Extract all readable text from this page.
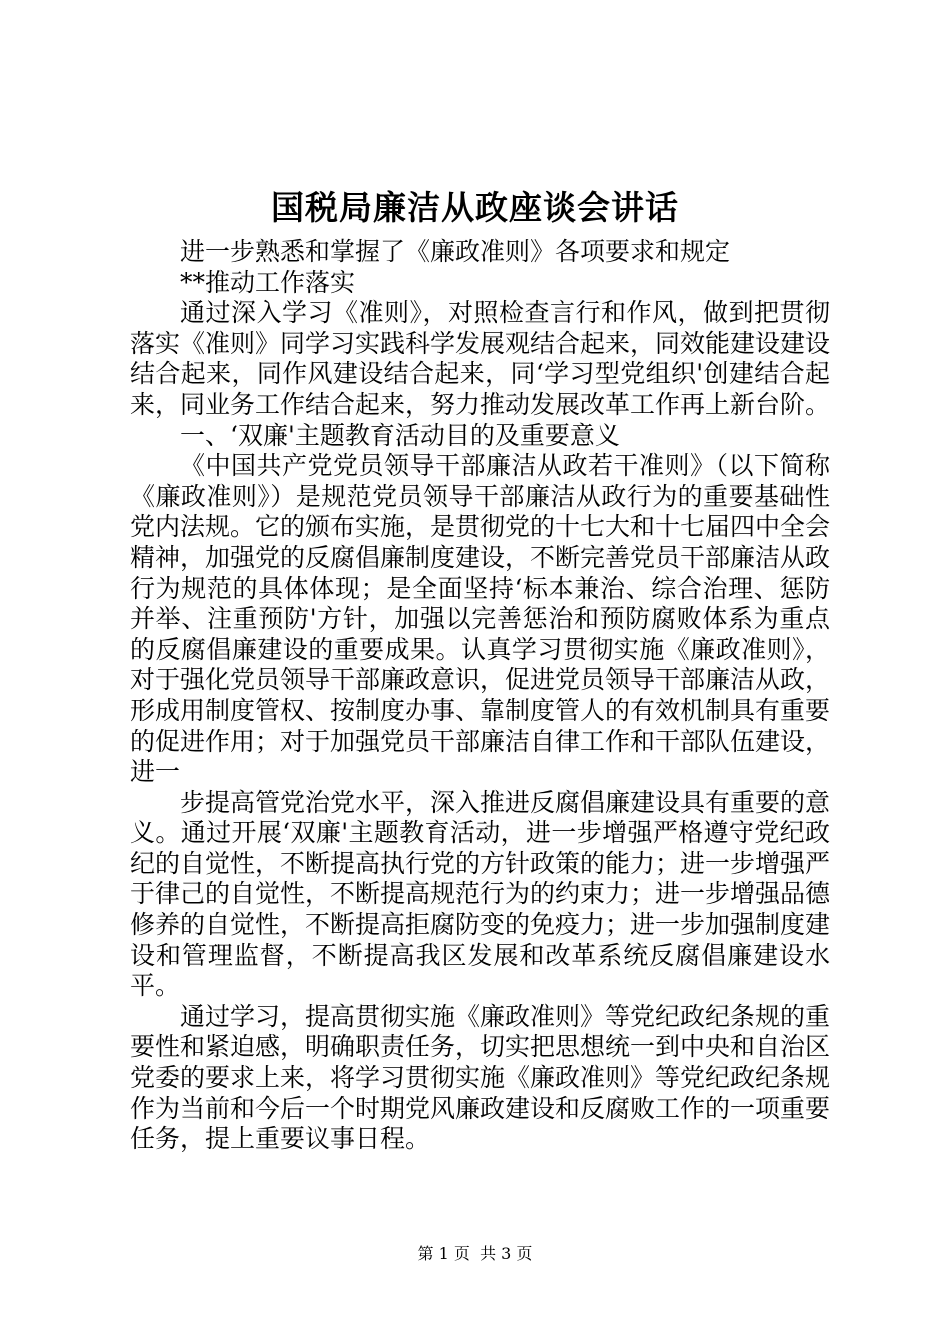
国税局廉洁从政座谈会讲话

进一步熟悉和掌握了《廉政准则》各项要求和规定

**推动工作落实

通过深入学习《准则》，对照检查言行和作风，做到把贯彻落实《准则》同学习实践科学发展观结合起来，同效能建设建设结合起来，同作风建设结合起来，同‘学习型党组织'创建结合起来，同业务工作结合起来，努力推动发展改革工作再上新台阶。

一、‘双廉'主题教育活动目的及重要意义

《中国共产党党员领导干部廉洁从政若干准则》（以下简称《廉政准则》）是规范党员领导干部廉洁从政行为的重要基础性党内法规。它的颁布实施，是贯彻党的十七大和十七届四中全会精神，加强党的反腐倡廉制度建设，不断完善党员干部廉洁从政行为规范的具体体现；是全面坚持‘标本兼治、综合治理、惩防并举、注重预防'方针，加强以完善惩治和预防腐败体系为重点的反腐倡廉建设的重要成果。认真学习贯彻实施《廉政准则》，对于强化党员领导干部廉政意识，促进党员领导干部廉洁从政，形成用制度管权、按制度办事、靠制度管人的有效机制具有重要的促进作用；对于加强党员干部廉洁自律工作和干部队伍建设，进一

步提高管党治党水平，深入推进反腐倡廉建设具有重要的意义。通过开展‘双廉'主题教育活动，进一步增强严格遵守党纪政纪的自觉性，不断提高执行党的方针政策的能力；进一步增强严于律己的自觉性，不断提高规范行为的约束力；进一步增强品德修养的自觉性，不断提高拒腐防变的免疫力；进一步加强制度建设和管理监督，不断提高我区发展和改革系统反腐倡廉建设水平。

通过学习，提高贯彻实施《廉政准则》等党纪政纪条规的重要性和紧迫感，明确职责任务，切实把思想统一到中央和自治区党委的要求上来，将学习贯彻实施《廉政准则》等党纪政纪条规作为当前和今后一个时期党风廉政建设和反腐败工作的一项重要任务，提上重要议事日程。

第 1 页 共 3 页
